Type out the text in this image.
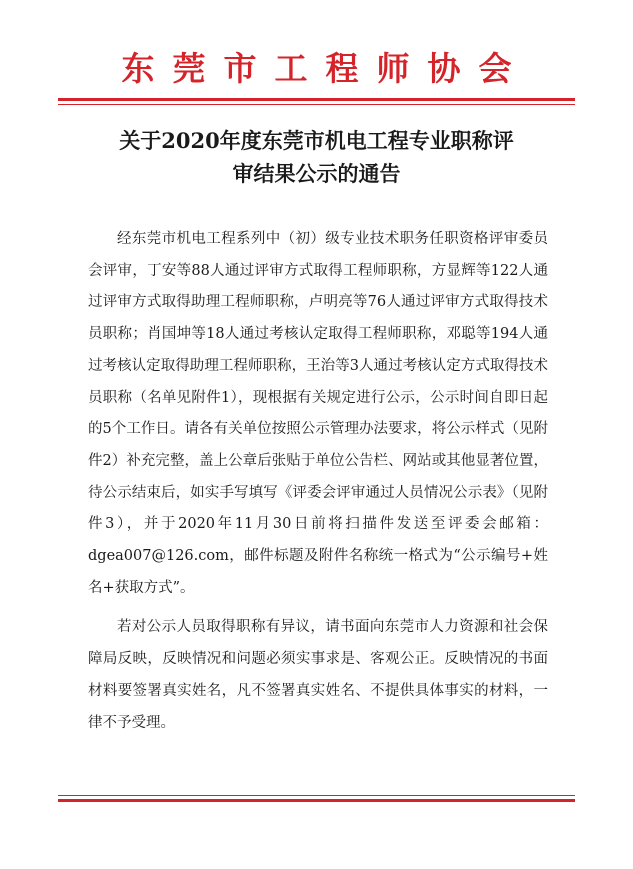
东莞市工程师协会
关于2020年度东莞市机电工程专业职称评
审结果公示的通告

经东莞市机电工程系列中（初）级专业技术职务任职资格评审委员会评审，丁安等88人通过评审方式取得工程师职称，方显辉等122人通过评审方式取得助理工程师职称，卢明亮等76人通过评审方式取得技术员职称；肖国坤等18人通过考核认定取得工程师职称，邓聪等194人通过考核认定取得助理工程师职称，王治等3人通过考核认定方式取得技术员职称（名单见附件1），现根据有关规定进行公示，公示时间自即日起的5个工作日。请各有关单位按照公示管理办法要求，将公示样式（见附件2）补充完整，盖上公章后张贴于单位公告栏、网站或其他显著位置，待公示结束后，如实手写填写《评委会评审通过人员情况公示表》（见附件3），并于2020年11月30日前将扫描件发送至评委会邮箱：dgea007@126.com，邮件标题及附件名称统一格式为“公示编号+姓名+获取方式”。

若对公示人员取得职称有异议，请书面向东莞市人力资源和社会保障局反映，反映情况和问题必须实事求是、客观公正。反映情况的书面材料要签署真实姓名，凡不签署真实姓名、不提供具体事实的材料，一律不予受理。
